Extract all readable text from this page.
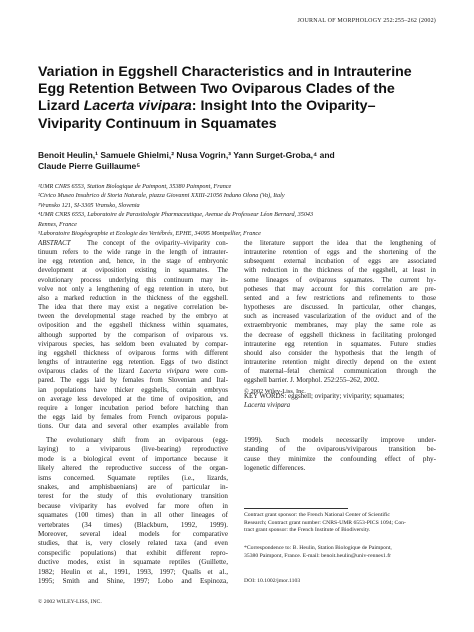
JOURNAL OF MORPHOLOGY 252:255–262 (2002)
Variation in Eggshell Characteristics and in Intrauterine
Egg Retention Between Two Oviparous Clades of the
Lizard Lacerta vivipara: Insight Into the Oviparity–
Viviparity Continuum in Squamates
Benoit Heulin,¹ Samuele Ghielmi,² Nusa Vogrin,³ Yann Surget-Groba,⁴ and
Claude Pierre Guillaume⁵
¹UMR CNRS 6553, Station Biologique de Paimpont, 35380 Paimpont, France
²Civico Museo Insubrico di Storia Naturale, piazza Giovanni XXIII-21056 Induno Olona (Va), Italy
³Vransko 121, SI-3305 Vransko, Slovenia
⁴UMR CNRS 6553, Laboratoire de Parasitologie Pharmaceutique, Avenue du Professeur Léon Bernard, 35043
Rennes, France
⁵Laboratoire Biogéographie et Ecologie des Vertébrés, EPHE, 34095 Montpellier, France
ABSTRACT The concept of the oviparity–viviparity con-
tinuum refers to the wide range in the length of intrauter-
ine egg retention and, hence, in the stage of embryonic
development at oviposition existing in squamates. The
evolutionary process underlying this continuum may in-
volve not only a lengthening of egg retention in utero, but
also a marked reduction in the thickness of the eggshell.
The idea that there may exist a negative correlation be-
tween the developmental stage reached by the embryo at
oviposition and the eggshell thickness within squamates,
although supported by the comparison of oviparous vs.
viviparous species, has seldom been evaluated by compar-
ing eggshell thickness of oviparous forms with different
lengths of intrauterine egg retention. Eggs of two distinct
oviparous clades of the lizard Lacerta vivipara were com-
pared. The eggs laid by females from Slovenian and Ital-
ian populations have thicker eggshells, contain embryos
on average less developed at the time of oviposition, and
require a longer incubation period before hatching than
the eggs laid by females from French oviparous popula-
tions. Our data and several other examples available from
the literature support the idea that the lengthening of
intrauterine retention of eggs and the shortening of the
subsequent external incubation of eggs are associated
with reduction in the thickness of the eggshell, at least in
some lineages of oviparous squamates. The current hy-
potheses that may account for this correlation are pre-
sented and a few restrictions and refinements to those
hypotheses are discussed. In particular, other changes,
such as increased vascularization of the oviduct and of the
extraembryonic membranes, may play the same role as
the decrease of eggshell thickness in facilitating prolonged
intrauterine egg retention in squamates. Future studies
should also consider the hypothesis that the length of
intrauterine retention might directly depend on the extent
of maternal–fetal chemical communication through the
eggshell barrier. J. Morphol. 252:255–262, 2002.
© 2002 Wiley-Liss, Inc.
KEY WORDS: eggshell; oviparity; viviparity; squamates;
Lacerta vivipara
The evolutionary shift from an oviparous (egg-
laying) to a viviparous (live-bearing) reproductive
mode is a biological event of importance because it
likely altered the reproductive success of the organ-
isms concerned. Squamate reptiles (i.e., lizards,
snakes, and amphisbaenians) are of particular in-
terest for the study of this evolutionary transition
because viviparity has evolved far more often in
squamates (100 times) than in all other lineages of
vertebrates (34 times) (Blackburn, 1992, 1999).
Moreover, several ideal models for comparative
studies, that is, very closely related taxa (and even
conspecific populations) that exhibit different repro-
ductive modes, exist in squamate reptiles (Guillette,
1982; Heulin et al., 1991, 1993, 1997; Qualls et al.,
1995; Smith and Shine, 1997; Lobo and Espinoza,
1999). Such models necessarily improve under-
standing of the oviparous/viviparous transition be-
cause they minimize the confounding effect of phy-
logenetic differences.
Contract grant sponsor: the French National Center of Scientific
Research; Contract grant number: CNRS-UMR 6553-PICS 1094; Con-
tract grant sponsor: the French Institute of Biodiversity.
*Correspondence to: B. Heulin, Station Biologique de Paimpont,
35380 Paimpont, France. E-mail: benoit.heulin@univ-rennes1.fr
DOI: 10.1002/jmor.1103
© 2002 WILEY-LISS, INC.
